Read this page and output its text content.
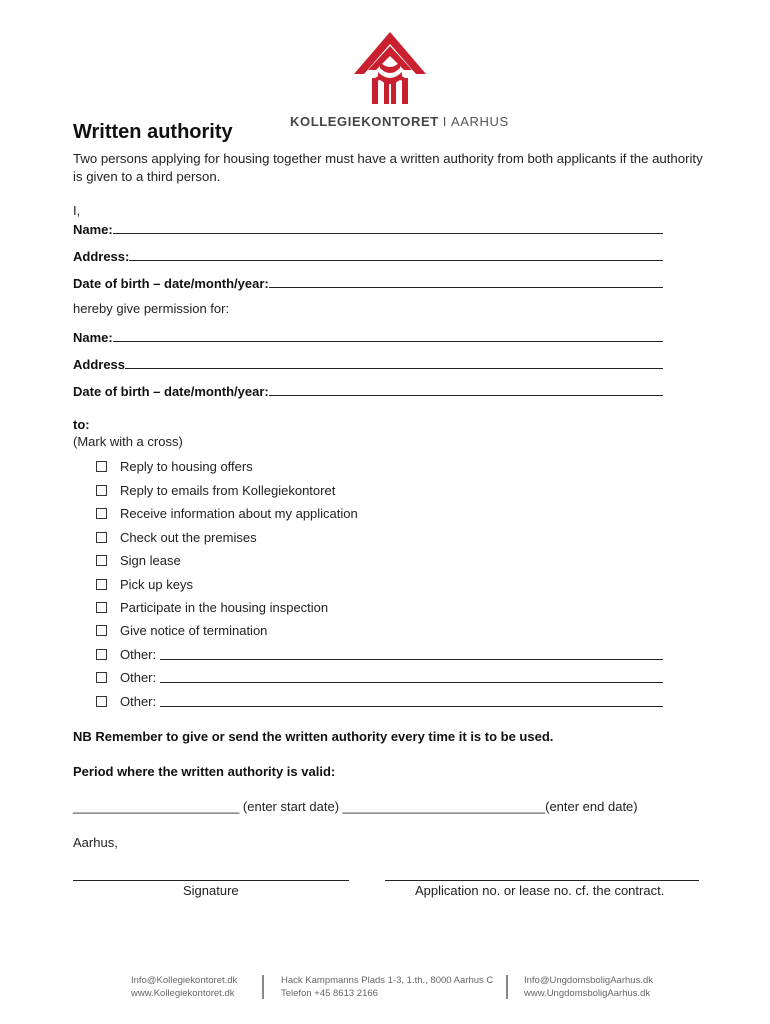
KOLLEGIEKONTORET I AARHUS
Written authority
Two persons applying for housing together must have a written authority from both applicants if the authority is given to a third person.
I,
Name:
Address:
Date of birth – date/month/year:
hereby give permission for:
Name:
Address
Date of birth – date/month/year:
to:
(Mark with a cross)
Reply to housing offers
Reply to emails from Kollegiekontoret
Receive information about my application
Check out the premises
Sign lease
Pick up keys
Participate in the housing inspection
Give notice of termination
Other:
Other:
Other:
NB Remember to give or send the written authority every time it is to be used.
Period where the written authority is valid:
_______________________ (enter start date) ____________________________(enter end date)
Aarhus,
Signature	Application no. or lease no. cf. the contract.
Info@Kollegiekontoret.dk
www.Kollegiekontoret.dk
Hack Kampmanns Plads 1-3, 1.th., 8000 Aarhus C
Telefon +45 8613 2166
Info@UngdomsboligAarhus.dk
www.UngdomsboligAarhus.dk
